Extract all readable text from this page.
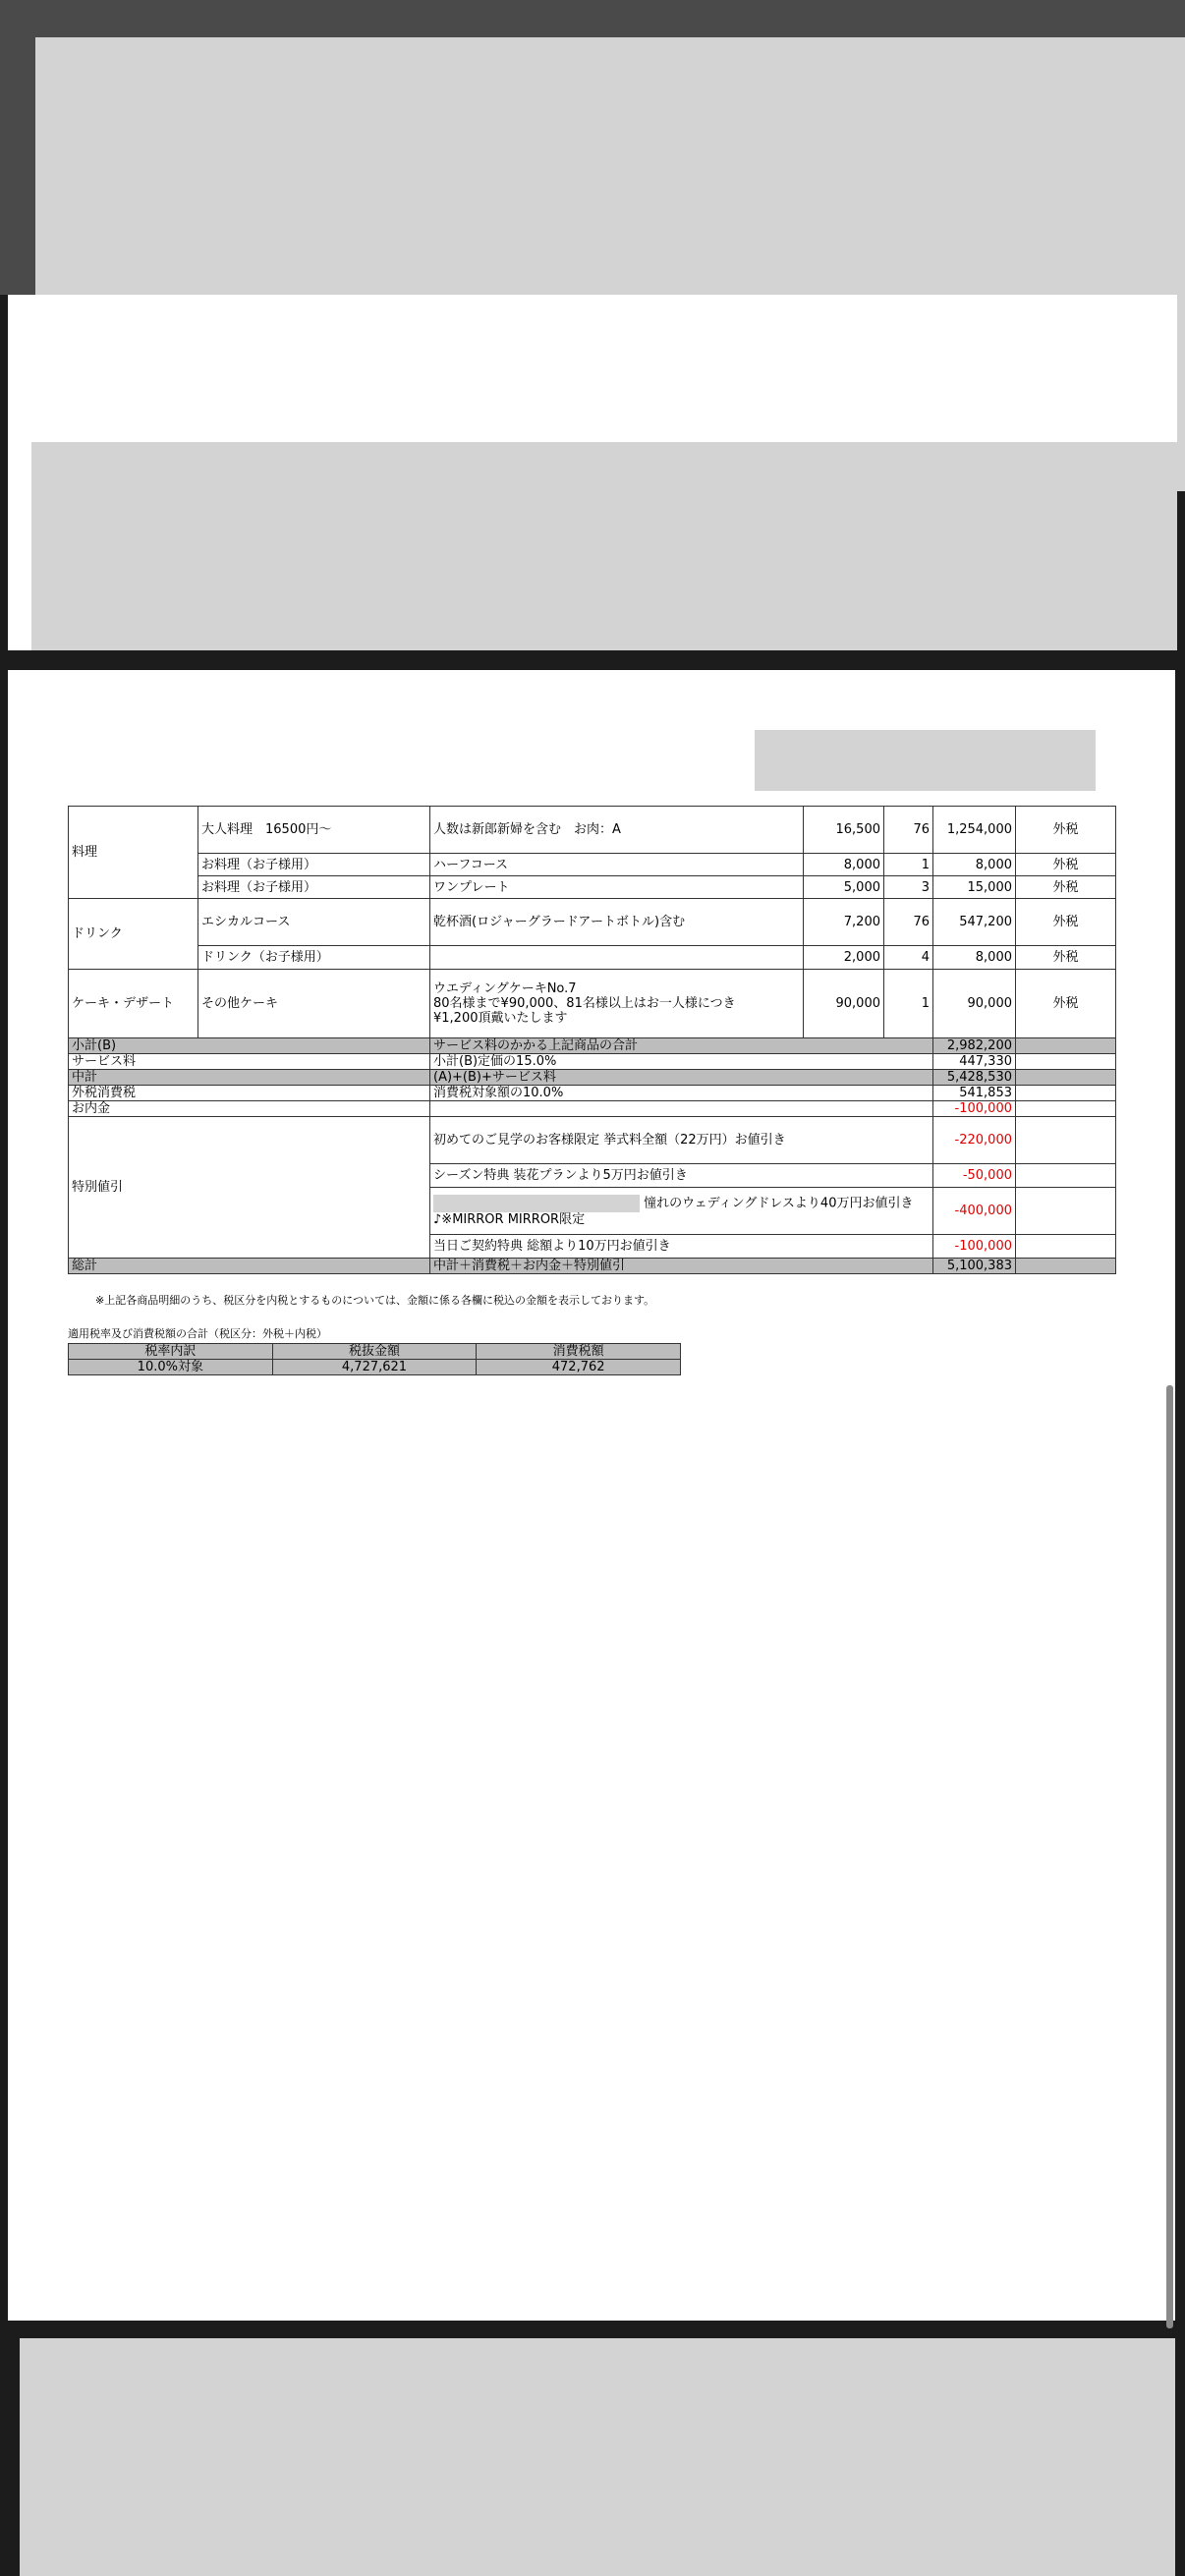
料理	大人料理　16500円〜	人数は新郎新婦を含む　お肉：A	16,500	76	1,254,000	外税
	お料理（お子様用）	ハーフコース	8,000	1	8,000	外税
	お料理（お子様用）	ワンプレート	5,000	3	15,000	外税
ドリンク	エシカルコース	乾杯酒(ロジャーグラードアートボトル)含む	7,200	76	547,200	外税
	ドリンク（お子様用）		2,000	4	8,000	外税
ケーキ・デザート	その他ケーキ	ウエディングケーキNo.7
80名様まで¥90,000、81名様以上はお一人様につき
¥1,200頂戴いたします	90,000	1	90,000	外税
小計(B)		サービス料のかかる上記商品の合計			2,982,200	
サービス料		小計(B)定価の15.0%			447,330	
中計		(A)+(B)+サービス料			5,428,530	
外税消費税		消費税対象額の10.0%			541,853	
お内金					-100,000	
特別値引		初めてのご見学のお客様限定 挙式料全額（22万円）お値引き			-220,000	
		シーズン特典 装花プランより5万円お値引き			-50,000	

		憧れのウェディングドレスより40万円お値引き
♪※MIRROR MIRROR限定			-400,000	
		当日ご契約特典 総額より10万円お値引き			-100,000	
総計		中計＋消費税＋お内金＋特別値引			5,100,383	
※上記各商品明細のうち、税区分を内税とするものについては、金額に係る各欄に税込の金額を表示しております。
適用税率及び消費税額の合計（税区分：外税＋内税）
税率内訳	税抜金額	消費税額
10.0%対象	4,727,621	472,762
